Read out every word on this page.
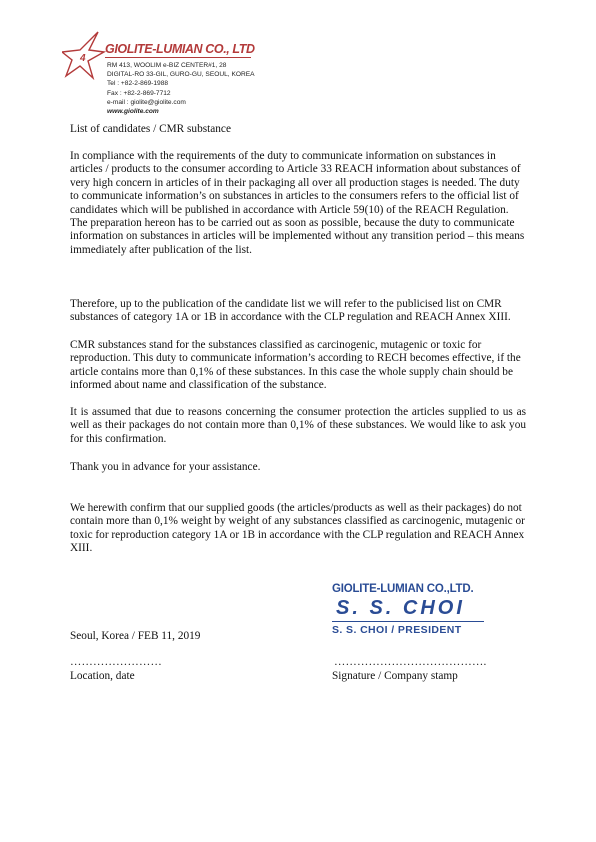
4
GIOLITE-LUMIAN CO., LTD
RM 413, WOOLIM e-BIZ CENTER#1, 28
DIGITAL-RO 33-GIL, GURO-GU, SEOUL, KOREA
Tel : +82-2-869-1988
Fax : +82-2-869-7712
e-mail : giolite@giolite.com
www.giolite.com
List of candidates / CMR substance

In compliance with the requirements of the duty to communicate information on substances in articles / products to the consumer according to Article 33 REACH information about substances of very high concern in articles of in their packaging all over all production stages is needed. The duty to communicate information’s on substances in articles to the consumers refers to the official list of candidates which will be published in accordance with Article 59(10) of the REACH Regulation. The preparation hereon has to be carried out as soon as possible, because the duty to communicate information on substances in articles will be implemented without any transition period – this means immediately after publication of the list.

Therefore, up to the publication of the candidate list we will refer to the publicised list on CMR substances of category 1A or 1B in accordance with the CLP regulation and REACH Annex XIII.

CMR substances stand for the substances classified as carcinogenic, mutagenic or toxic for reproduction. This duty to communicate information’s according to RECH becomes effective, if the article contains more than 0,1% of these substances. In this case the whole supply chain should be informed about name and classification of the substance.

It is assumed that due to reasons concerning the consumer protection the articles supplied to us as well as their packages do not contain more than 0,1% of these substances. We would like to ask you for this confirmation.

Thank you in advance for your assistance.

We herewith confirm that our supplied goods (the articles/products as well as their packages) do not contain more than 0,1% weight by weight of any substances classified as carcinogenic, mutagenic or toxic for reproduction category 1A or 1B in accordance with the CLP regulation and REACH Annex XIII.

GIOLITE-LUMIAN CO.,LTD.
S. S. CHOI
S. S. CHOI / PRESIDENT
Seoul, Korea / FEB 11, 2019
……………………	………………………………….
Location, date	Signature / Company stamp
